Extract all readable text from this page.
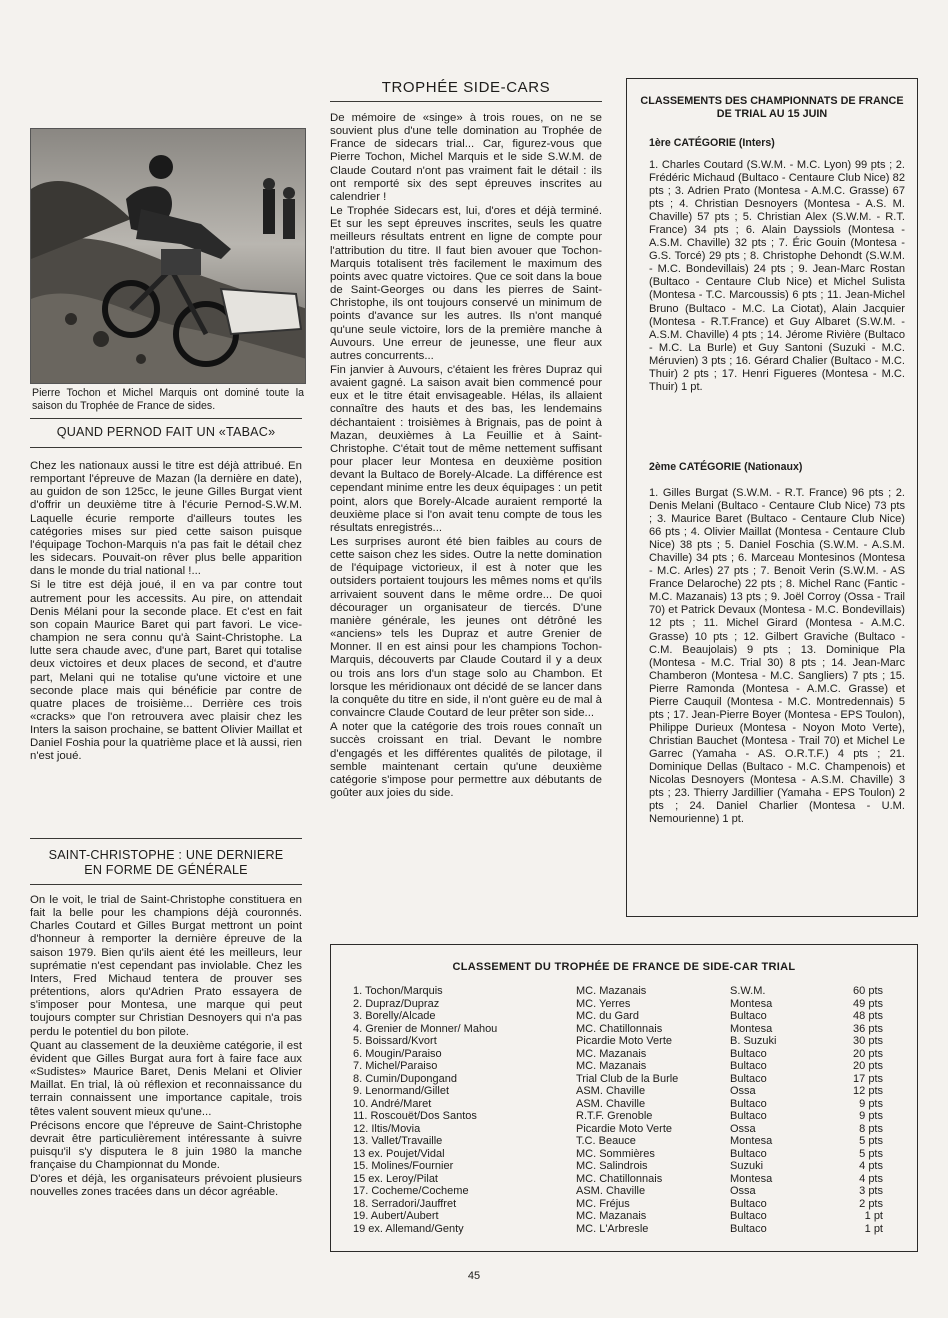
Pierre Tochon et Michel Marquis ont dominé toute la saison du Trophée de France de sides.
QUAND PERNOD FAIT UN «TABAC»

Chez les nationaux aussi le titre est déjà attribué. En remportant l'épreuve de Mazan (la dernière en date), au guidon de son 125cc, le jeune Gilles Burgat vient d'offrir un deuxième titre à l'écurie Pernod-S.W.M. Laquelle écurie remporte d'ailleurs toutes les catégories mises sur pied cette saison puisque l'équipage Tochon-Marquis n'a pas fait le détail chez les sidecars. Pouvait-on rêver plus belle apparition dans le monde du trial national !...

Si le titre est déjà joué, il en va par contre tout autrement pour les accessits. Au pire, on attendait Denis Mélani pour la seconde place. Et c'est en fait son copain Maurice Baret qui part favori. Le vice-champion ne sera connu qu'à Saint-Christophe. La lutte sera chaude avec, d'une part, Baret qui totalise deux victoires et deux places de second, et d'autre part, Melani qui ne totalise qu'une victoire et une seconde place mais qui bénéficie par contre de quatre places de troisième... Derrière ces trois «cracks» que l'on retrouvera avec plaisir chez les Inters la saison prochaine, se battent Olivier Maillat et Daniel Foshia pour la quatrième place et là aussi, rien n'est joué.

SAINT-CHRISTOPHE : UNE DERNIERE
EN FORME DE GÉNÉRALE

On le voit, le trial de Saint-Christophe constituera en fait la belle pour les champions déjà couronnés. Charles Coutard et Gilles Burgat mettront un point d'honneur à remporter la dernière épreuve de la saison 1979. Bien qu'ils aient été les meilleurs, leur suprématie n'est cependant pas inviolable. Chez les Inters, Fred Michaud tentera de prouver ses prétentions, alors qu'Adrien Prato essayera de s'imposer pour Montesa, une marque qui peut toujours compter sur Christian Desnoyers qui n'a pas perdu le potentiel du bon pilote.

Quant au classement de la deuxième catégorie, il est évident que Gilles Burgat aura fort à faire face aux «Sudistes» Maurice Baret, Denis Melani et Olivier Maillat. En trial, là où réflexion et reconnaissance du terrain connaissent une importance capitale, trois têtes valent souvent mieux qu'une...

Précisons encore que l'épreuve de Saint-Christophe devrait être particulièrement intéressante à suivre puisqu'il s'y disputera le 8 juin 1980 la manche française du Championnat du Monde.

D'ores et déjà, les organisateurs prévoient plusieurs nouvelles zones tracées dans un décor agréable.

TROPHÉE SIDE-CARS

De mémoire de «singe» à trois roues, on ne se souvient plus d'une telle domination au Trophée de France de sidecars trial... Car, figurez-vous que Pierre Tochon, Michel Marquis et le side S.W.M. de Claude Coutard n'ont pas vraiment fait le détail : ils ont remporté six des sept épreuves inscrites au calendrier !

Le Trophée Sidecars est, lui, d'ores et déjà terminé. Et sur les sept épreuves inscrites, seuls les quatre meilleurs résultats entrent en ligne de compte pour l'attribution du titre. Il faut bien avouer que Tochon-Marquis totalisent très facilement le maximum des points avec quatre victoires. Que ce soit dans la boue de Saint-Georges ou dans les pierres de Saint-Christophe, ils ont toujours conservé un minimum de points d'avance sur les autres. Ils n'ont manqué qu'une seule victoire, lors de la première manche à Auvours. Une erreur de jeunesse, une fleur aux autres concurrents...

Fin janvier à Auvours, c'étaient les frères Dupraz qui avaient gagné. La saison avait bien commencé pour eux et le titre était envisageable. Hélas, ils allaient connaître des hauts et des bas, les lendemains déchantaient : troisièmes à Brignais, pas de point à Mazan, deuxièmes à La Feuillie et à Saint-Christophe. C'était tout de même nettement suffisant pour placer leur Montesa en deuxième position devant la Bultaco de Borely-Alcade. La différence est cependant minime entre les deux équipages : un petit point, alors que Borely-Alcade auraient remporté la deuxième place si l'on avait tenu compte de tous les résultats enregistrés...

Les surprises auront été bien faibles au cours de cette saison chez les sides. Outre la nette domination de l'équipage victorieux, il est à noter que les outsiders portaient toujours les mêmes noms et qu'ils arrivaient souvent dans le même ordre... De quoi décourager un organisateur de tiercés. D'une manière générale, les jeunes ont détrôné les «anciens» tels les Dupraz et autre Grenier de Monner. Il en est ainsi pour les champions Tochon-Marquis, découverts par Claude Coutard il y a deux ou trois ans lors d'un stage solo au Chambon. Et lorsque les méridionaux ont décidé de se lancer dans la conquête du titre en side, il n'ont guère eu de mal à convaincre Claude Coutard de leur prêter son side...

A noter que la catégorie des trois roues connaît un succès croissant en trial. Devant le nombre d'engagés et les différentes qualités de pilotage, il semble maintenant certain qu'une deuxième catégorie s'impose pour permettre aux débutants de goûter aux joies du side.

CLASSEMENTS DES CHAMPIONNATS DE FRANCE DE TRIAL AU 15 JUIN
1ère CATÉGORIE (Inters)
1. Charles Coutard (S.W.M. - M.C. Lyon) 99 pts ; 2. Frédéric Michaud (Bultaco - Centaure Club Nice) 82 pts ; 3. Adrien Prato (Montesa - A.M.C. Grasse) 67 pts ; 4. Christian Desnoyers (Montesa - A.S. M. Chaville) 57 pts ; 5. Christian Alex (S.W.M. - R.T. France) 34 pts ; 6. Alain Dayssiols (Montesa - A.S.M. Chaville) 32 pts ; 7. Éric Gouin (Montesa - G.S. Torcé) 29 pts ; 8. Christophe Dehondt (S.W.M. - M.C. Bondevillais) 24 pts ; 9. Jean-Marc Rostan (Bultaco - Centaure Club Nice) et Michel Sulista (Montesa - T.C. Marcoussis) 6 pts ; 11. Jean-Michel Bruno (Bultaco - M.C. La Ciotat), Alain Jacquier (Montesa - R.T.France) et Guy Albaret (S.W.M. - A.S.M. Chaville) 4 pts ; 14. Jérome Rivière (Bultaco - M.C. La Burle) et Guy Santoni (Suzuki - M.C. Méruvien) 3 pts ; 16. Gérard Chalier (Bultaco - M.C. Thuir) 2 pts ; 17. Henri Figueres (Montesa - M.C. Thuir) 1 pt.
2ème CATÉGORIE (Nationaux)
1. Gilles Burgat (S.W.M. - R.T. France) 96 pts ; 2. Denis Melani (Bultaco - Centaure Club Nice) 73 pts ; 3. Maurice Baret (Bultaco - Centaure Club Nice) 66 pts ; 4. Olivier Maillat (Montesa - Centaure Club Nice) 38 pts ; 5. Daniel Foschia (S.W.M. - A.S.M. Chaville) 34 pts ; 6. Marceau Montesinos (Montesa - M.C. Arles) 27 pts ; 7. Benoit Verin (S.W.M. - AS France Delaroche) 22 pts ; 8. Michel Ranc (Fantic - M.C. Mazanais) 13 pts ; 9. Joël Corroy (Ossa - Trail 70) et Patrick Devaux (Montesa - M.C. Bondevillais) 12 pts ; 11. Michel Girard (Montesa - A.M.C. Grasse) 10 pts ; 12. Gilbert Graviche (Bultaco - C.M. Beaujolais) 9 pts ; 13. Dominique Pla (Montesa - M.C. Trial 30) 8 pts ; 14. Jean-Marc Chamberon (Montesa - M.C. Sangliers) 7 pts ; 15. Pierre Ramonda (Montesa - A.M.C. Grasse) et Pierre Cauquil (Montesa - M.C. Montredennais) 5 pts ; 17. Jean-Pierre Boyer (Montesa - EPS Toulon), Philippe Durieux (Montesa - Noyon Moto Verte), Christian Bauchet (Montesa - Trail 70) et Michel Le Garrec (Yamaha - AS. O.R.T.F.) 4 pts ; 21. Dominique Dellas (Bultaco - M.C. Champenois) et Nicolas Desnoyers (Montesa - A.S.M. Chaville) 3 pts ; 23. Thierry Jardillier (Yamaha - EPS Toulon) 2 pts ; 24. Daniel Charlier (Montesa - U.M. Nemourienne) 1 pt.
CLASSEMENT DU TROPHÉE DE FRANCE DE SIDE-CAR TRIAL
1. Tochon/Marquis	MC. Mazanais	S.W.M.	60 pts
2. Dupraz/Dupraz	MC. Yerres	Montesa	49 pts
3. Borelly/Alcade	MC. du Gard	Bultaco	48 pts
4. Grenier de Monner/ Mahou	MC. Chatillonnais	Montesa	36 pts
5. Boissard/Kvort	Picardie Moto Verte	B. Suzuki	30 pts
6. Mougin/Paraiso	MC. Mazanais	Bultaco	20 pts
7. Michel/Paraiso	MC. Mazanais	Bultaco	20 pts
8. Cumin/Dupongand	Trial Club de la Burle	Bultaco	17 pts
9. Lenormand/Gillet	ASM. Chaville	Ossa	12 pts
10. André/Maret	ASM. Chaville	Bultaco	9 pts
11. Roscouët/Dos Santos	R.T.F. Grenoble	Bultaco	9 pts
12. Iltis/Movia	Picardie Moto Verte	Ossa	8 pts
13. Vallet/Travaille	T.C. Beauce	Montesa	5 pts
13 ex. Poujet/Vidal	MC. Sommières	Bultaco	5 pts
15. Molines/Fournier	MC. Salindrois	Suzuki	4 pts
15 ex. Leroy/Pilat	MC. Chatillonnais	Montesa	4 pts
17. Cocheme/Cocheme	ASM. Chaville	Ossa	3 pts
18. Serradori/Jauffret	MC. Fréjus	Bultaco	2 pts
19. Aubert/Aubert	MC. Mazanais	Bultaco	1 pt
19 ex. Allemand/Genty	MC. L'Arbresle	Bultaco	1 pt
45
